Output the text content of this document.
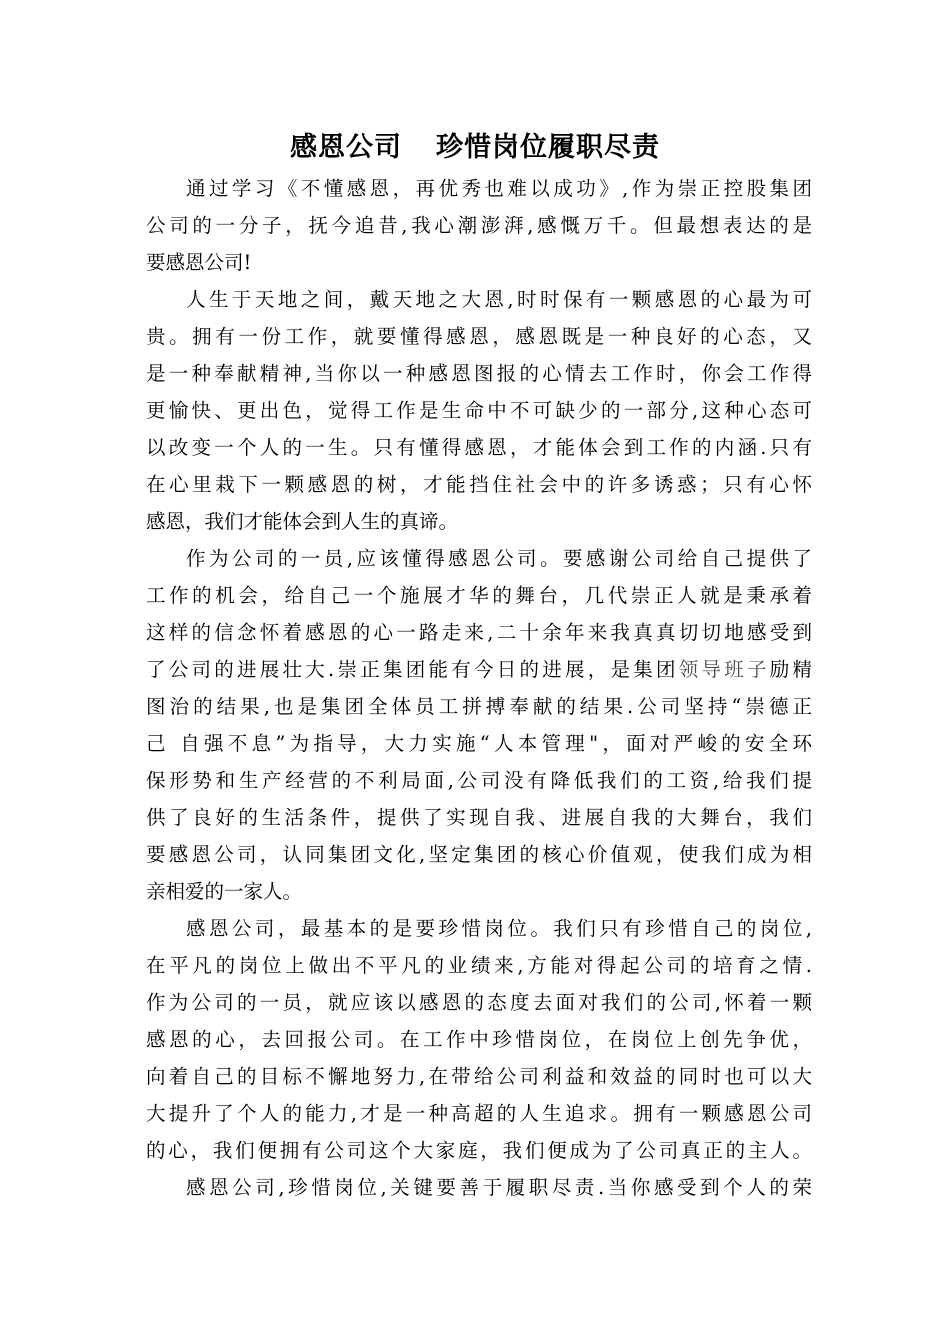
感恩公司 珍惜岗位履职尽责
通过学习《不懂感恩，再优秀也难以成功》,作为崇正控股集团
公司的一分子，抚今追昔,我心潮澎湃,感慨万千。但最想表达的是
要感恩公司!
人生于天地之间，戴天地之大恩,时时保有一颗感恩的心最为可
贵。拥有一份工作，就要懂得感恩，感恩既是一种良好的心态，又
是一种奉献精神,当你以一种感恩图报的心情去工作时，你会工作得
更愉快、更出色，觉得工作是生命中不可缺少的一部分,这种心态可
以改变一个人的一生。只有懂得感恩，才能体会到工作的内涵.只有
在心里栽下一颗感恩的树，才能挡住社会中的许多诱惑；只有心怀
感恩，我们才能体会到人生的真谛。
作为公司的一员,应该懂得感恩公司。要感谢公司给自己提供了
工作的机会，给自己一个施展才华的舞台，几代崇正人就是秉承着
这样的信念怀着感恩的心一路走来,二十余年来我真真切切地感受到
了公司的进展壮大.崇正集团能有今日的进展，是集团领导班子励精
图治的结果,也是集团全体员工拼搏奉献的结果.公司坚持“崇德正
己 自强不息”为指导，大力实施“人本管理"，面对严峻的安全环
保形势和生产经营的不利局面,公司没有降低我们的工资,给我们提
供了良好的生活条件，提供了实现自我、进展自我的大舞台，我们
要感恩公司，认同集团文化,坚定集团的核心价值观，使我们成为相
亲相爱的一家人。
感恩公司，最基本的是要珍惜岗位。我们只有珍惜自己的岗位,
在平凡的岗位上做出不平凡的业绩来,方能对得起公司的培育之情.
作为公司的一员，就应该以感恩的态度去面对我们的公司,怀着一颗
感恩的心，去回报公司。在工作中珍惜岗位，在岗位上创先争优，
向着自己的目标不懈地努力,在带给公司利益和效益的同时也可以大
大提升了个人的能力,才是一种高超的人生追求。拥有一颗感恩公司
的心，我们便拥有公司这个大家庭，我们便成为了公司真正的主人。
感恩公司,珍惜岗位,关键要善于履职尽责.当你感受到个人的荣
